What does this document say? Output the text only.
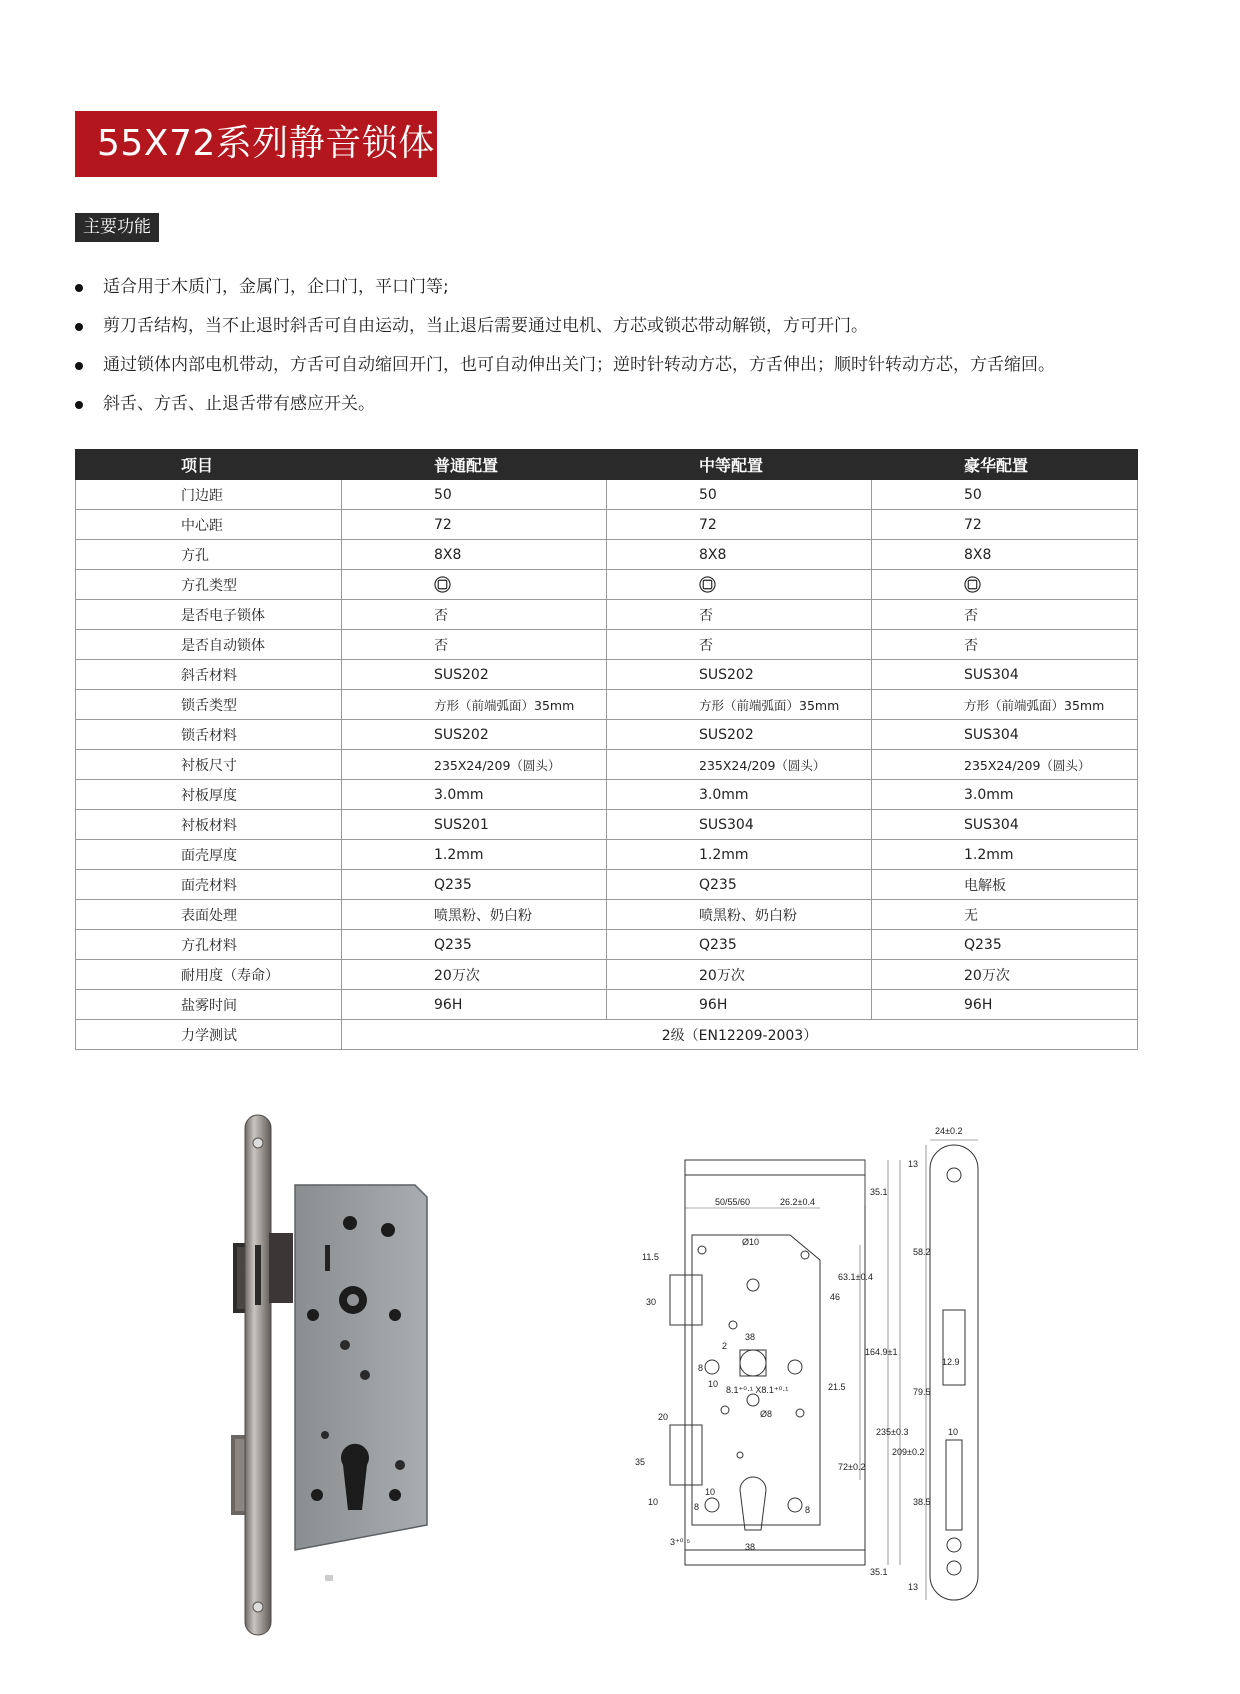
55X72系列静音锁体
主要功能
适合用于木质门，金属门，企口门，平口门等;
剪刀舌结构，当不止退时斜舌可自由运动，当止退后需要通过电机、方芯或锁芯带动解锁，方可开门。
通过锁体内部电机带动，方舌可自动缩回开门，也可自动伸出关门；逆时针转动方芯，方舌伸出；顺时针转动方芯，方舌缩回。
斜舌、方舌、止退舌带有感应开关。
项目	普通配置	中等配置	豪华配置
门边距	50	50	50
中心距	72	72	72
方孔	8X8	8X8	8X8
方孔类型			
是否电子锁体	否	否	否
是否自动锁体	否	否	否
斜舌材料	SUS202	SUS202	SUS304
锁舌类型	方形（前端弧面）35mm	方形（前端弧面）35mm	方形（前端弧面）35mm
锁舌材料	SUS202	SUS202	SUS304
衬板尺寸	235X24/209（圆头）	235X24/209（圆头）	235X24/209（圆头）
衬板厚度	3.0mm	3.0mm	3.0mm
衬板材料	SUS201	SUS304	SUS304
面壳厚度	1.2mm	1.2mm	1.2mm
面壳材料	Q235	Q235	电解板
表面处理	喷黑粉、奶白粉	喷黑粉、奶白粉	无
方孔材料	Q235	Q235	Q235
耐用度（寿命）	20万次	20万次	20万次
盐雾时间	96H	96H	96H
力学测试	2级（EN12209-2003）		
24±0.2
50/55/60	26.2±0.4
35.1
13
Ø10
11.5
30	46
63.1±0.4
58.2
38
2
12.9
8
10
8.1⁺⁰·¹ X8.1⁺⁰·¹	21.5
164.9±1
235±0.3
209±0.2
79.5
Ø8
10
20
72±0.2
35
10
10
8	8
38.5
3⁺⁰·⁵	38
35.1
13
